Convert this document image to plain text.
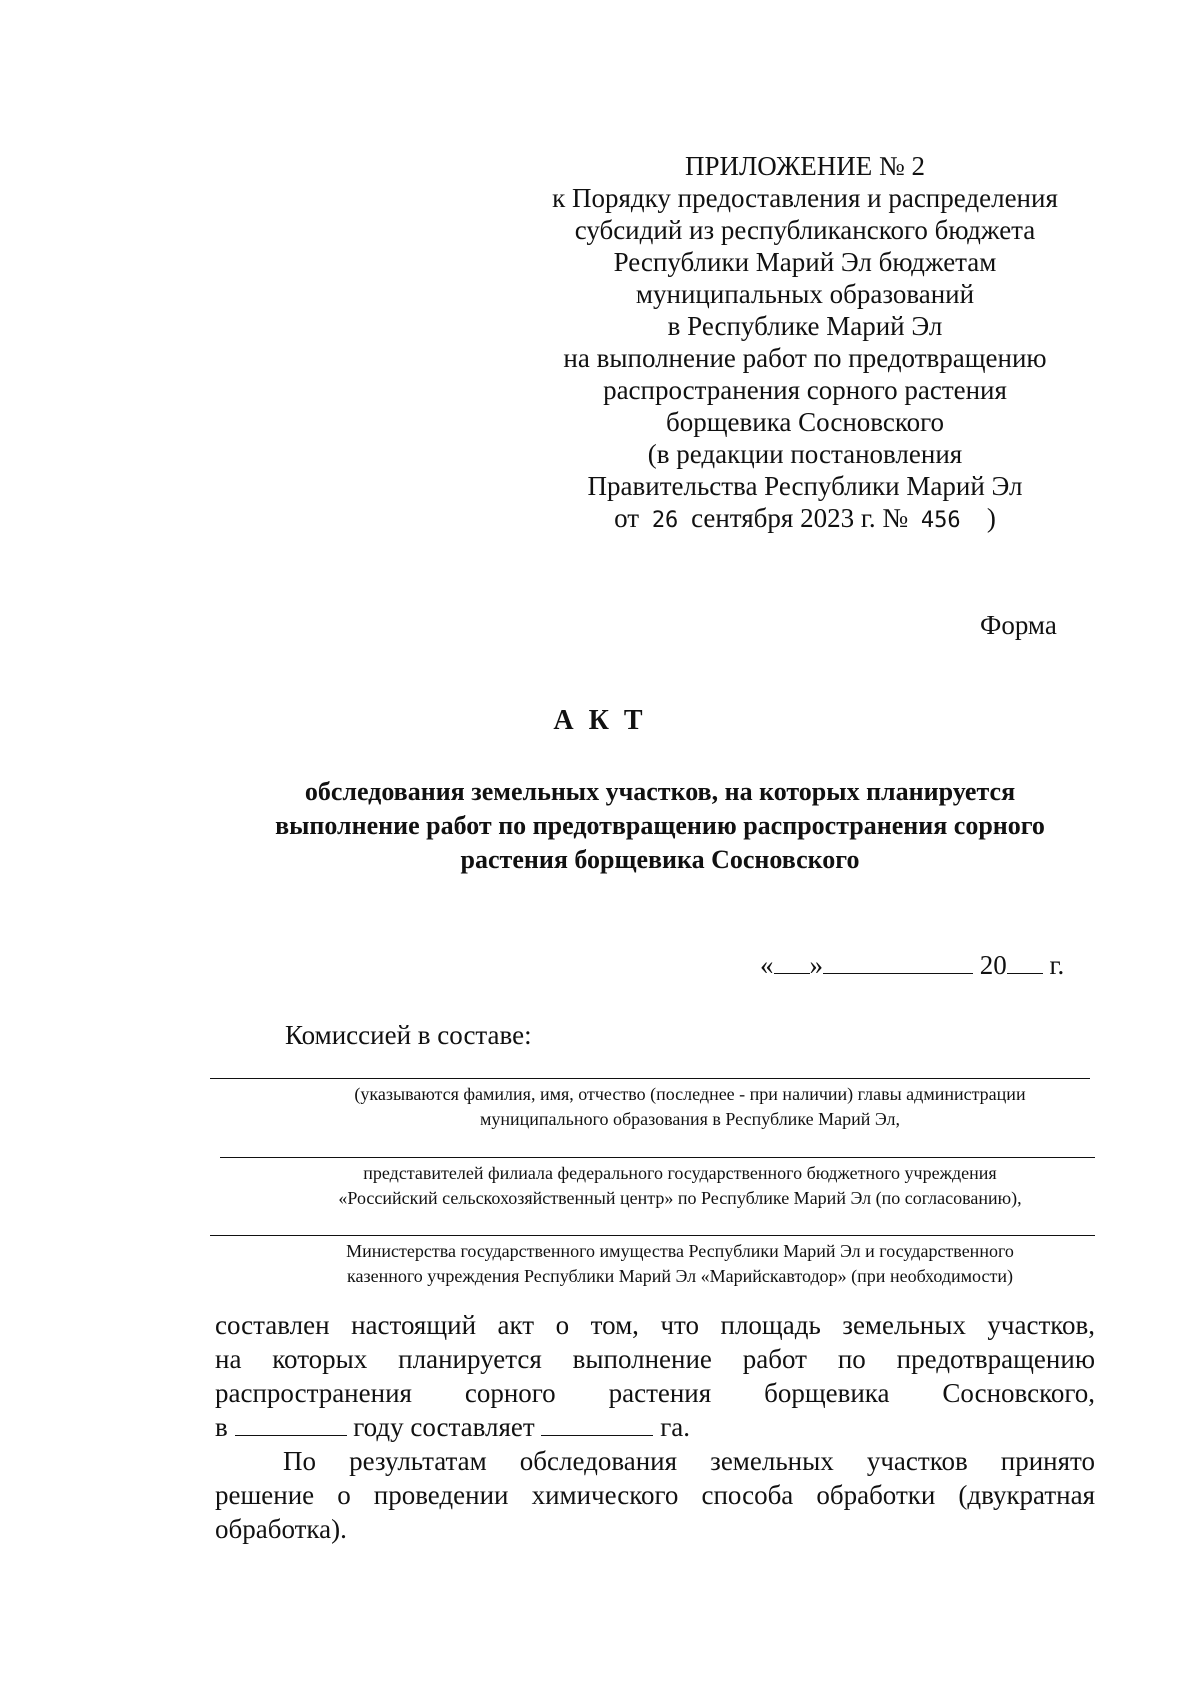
ПРИЛОЖЕНИЕ № 2
к Порядку предоставления и распределения
субсидий из республиканского бюджета
Республики Марий Эл бюджетам
муниципальных образований
в Республике Марий Эл
на выполнение работ по предотвращению
распространения сорного растения
борщевика Сосновского
(в редакции постановления
Правительства Республики Марий Эл
от 26 сентября 2023 г. № 456 )
Форма
А К Т
обследования земельных участков, на которых планируется
выполнение работ по предотвращению распространения сорного
растения борщевика Сосновского
« »	20 г.
Комиссией в составе:
(указываются фамилия, имя, отчество (последнее - при наличии) главы администрации
муниципального образования в Республике Марий Эл,
представителей филиала федерального государственного бюджетного учреждения
«Российский сельскохозяйственный центр» по Республике Марий Эл (по согласованию),
Министерства государственного имущества Республики Марий Эл и государственного
казенного учреждения Республики Марий Эл «Марийскавтодор» (при необходимости)
составлен настоящий акт о том, что площадь земельных участков,
на которых планируется выполнение работ по предотвращению
распространения сорного растения борщевика Сосновского,
в	году составляет	га.
По результатам обследования земельных участков принято
решение о проведении химического способа обработки (двукратная
обработка).
